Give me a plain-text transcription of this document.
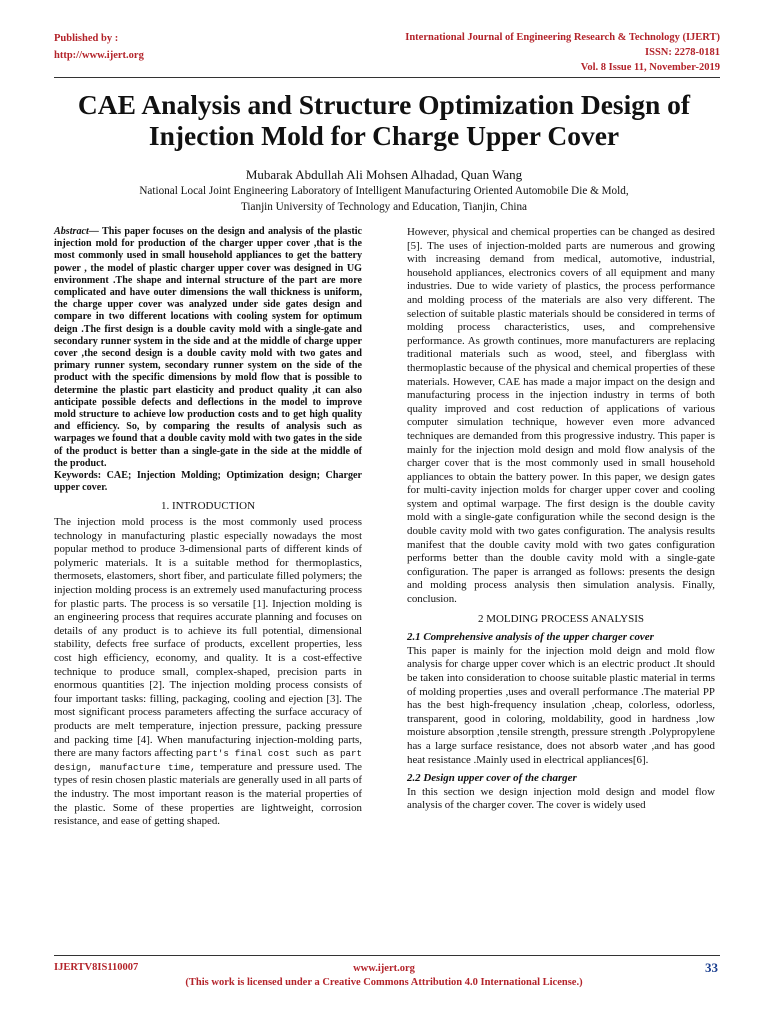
Published by :
http://www.ijert.org
International Journal of Engineering Research & Technology (IJERT)
ISSN: 2278-0181
Vol. 8 Issue 11, November-2019
CAE Analysis and Structure Optimization Design of Injection Mold for Charge Upper Cover
Mubarak Abdullah Ali Mohsen Alhadad, Quan Wang
National Local Joint Engineering Laboratory of Intelligent Manufacturing Oriented Automobile Die & Mold,
Tianjin University of Technology and Education, Tianjin, China

Abstract— This paper focuses on the design and analysis of the plastic injection mold for production of the charger upper cover ,that is the most commonly used in small household appliances to get the battery power , the model of plastic charger upper cover was designed in UG environment .The shape and internal structure of the part are more complicated and have outer dimensions the wall thickness is uniform, the charge upper cover was analyzed under side gates design and compare in two different locations with cooling system for optimum deign .The first design is a double cavity mold with a single-gate and secondary runner system in the side and at the middle of charge upper cover ,the second design is a double cavity mold with two gates and primary runner system, secondary runner system on the side of the product with the specific dimensions by mold flow that is possible to determine the plastic part elasticity and product quality ,it can also anticipate possible defects and deflections in the model to improve mold structure to achieve low production costs and to get high quality and efficiency. So, by comparing the results of analysis such as warpages we found that a double cavity mold with two gates in the side of the product is better than a single-gate in the side at the middle of the product.

Keywords: CAE; Injection Molding; Optimization design; Charger upper cover.

1. INTRODUCTION

The injection mold process is the most commonly used process technology in manufacturing plastic especially nowadays the most popular method to produce 3-dimensional parts of different kinds of polymeric materials. It is a suitable method for thermoplastics, thermosets, elastomers, short fiber, and particulate filled polymers; the injection molding process is an extremely used manufacturing process for plastic parts. The process is so versatile [1]. Injection molding is an engineering process that requires accurate planning and focuses on details of any product is to achieve its full potential, dimensional stability, defects free surface of products, excellent properties, less cost high efficiency, economy, and quality. It is a cost-effective technique to produce small, complex-shaped, precision parts in enormous quantities [2]. The injection molding process consists of four important tasks: filling, packaging, cooling and ejection [3]. The most significant process parameters affecting the surface accuracy of products are melt temperature, injection pressure, packing pressure and packing time [4]. When manufacturing injection-molding parts, there are many factors affecting part's final cost such as part design, manufacture time, temperature and pressure used. The types of resin chosen plastic materials are generally used in all parts of the industry. The most important reason is the material properties of the plastic. Some of these properties are lightweight, corrosion resistance, and ease of getting shaped.

However, physical and chemical properties can be changed as desired [5]. The uses of injection-molded parts are numerous and growing with increasing demand from medical, automotive, industrial, household appliances, electronics covers of all equipment and many industries. Due to wide variety of plastics, the process performance and molding process of the materials are also very different. The selection of suitable plastic materials should be considered in terms of molding process characteristics, uses, and comprehensive performance. As growth continues, more manufacturers are replacing traditional materials such as wood, steel, and fiberglass with thermoplastic because of the physical and chemical properties of these materials. However, CAE has made a major impact on the design and manufacturing process in the injection industry in terms of both quality improved and cost reduction of applications of various computer simulation technique, however even more advanced techniques are demanded from this progressive industry. This paper is mainly for the injection mold design and mold flow analysis of the charger cover that is the most commonly used in small household appliances to obtain the battery power. In this paper, we design gates for multi-cavity injection molds for charger upper cover and cooling system and optimal warpage. The first design is the double cavity mold with a single-gate configuration while the second design is the double cavity mold with two gates configuration. The analysis results manifest that the double cavity mold with two gates configuration performs better than the double cavity mold with a single-gate configuration. The paper is arranged as follows: presents the design and molding process analysis then simulation analysis. Finally, conclusion.

2 MOLDING PROCESS ANALYSIS
2.1 Comprehensive analysis of the upper charger cover

This paper is mainly for the injection mold deign and mold flow analysis for charge upper cover which is an electric product .It should be taken into consideration to choose suitable plastic material in terms of molding properties ,uses and overall performance .The material PP has the best high-frequency insulation ,cheap, colorless, odorless, transparent, good in coloring, moldability, good in hardness ,low moisture absorption ,tensile strength, pressure strength .Polypropylene has a large surface resistance, does not absorb water ,and has good heat resistance .Mainly used in electrical appliances[6].

2.2 Design upper cover of the charger

In this section we design injection mold design and model flow analysis of the charger cover. The cover is widely used

IJERTV8IS110007	www.ijert.org
(This work is licensed under a Creative Commons Attribution 4.0 International License.)
33
